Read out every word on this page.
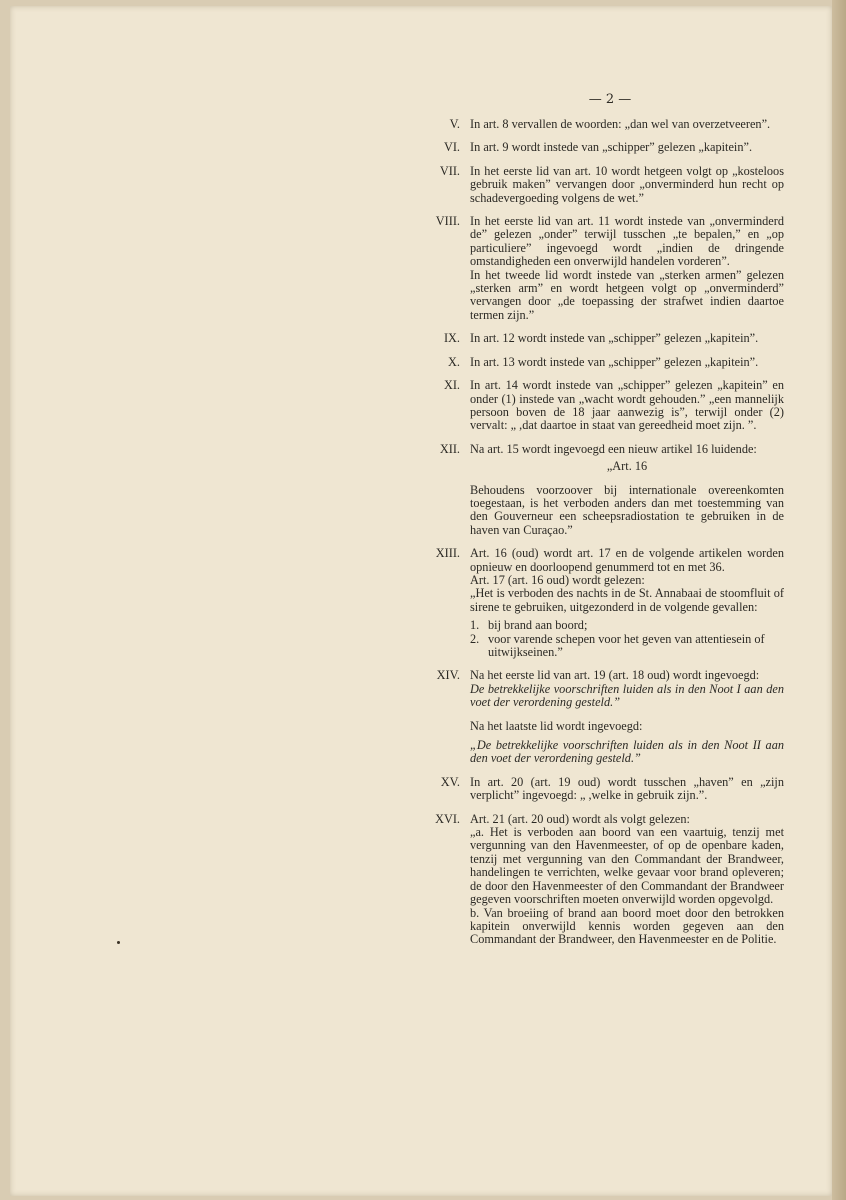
— 2 —
V. In art. 8 vervallen de woorden: „dan wel van overzetveeren”.

VI. In art. 9 wordt instede van „schipper” gelezen „kapitein”.

VII. In het eerste lid van art. 10 wordt hetgeen volgt op „kosteloos gebruik maken” vervangen door „onverminderd hun recht op schadevergoeding volgens de wet.”

VIII. In het eerste lid van art. 11 wordt instede van „onverminderd de” gelezen „onder” terwijl tusschen „te bepalen,” en „op particuliere” ingevoegd wordt „indien de dringende omstandigheden een onverwijld handelen vorderen”.

In het tweede lid wordt instede van „sterken armen” gelezen „sterken arm” en wordt hetgeen volgt op „onverminderd” vervangen door „de toepassing der strafwet indien daartoe termen zijn.”

IX. In art. 12 wordt instede van „schipper” gelezen „kapitein”.

X. In art. 13 wordt instede van „schipper” gelezen „kapitein”.

XI. In art. 14 wordt instede van „schipper” gelezen „kapitein” en onder (1) instede van „wacht wordt gehouden.” „een mannelijk persoon boven de 18 jaar aanwezig is”, terwijl onder (2) vervalt: „ ,dat daartoe in staat van gereedheid moet zijn. ”.

XII. Na art. 15 wordt ingevoegd een nieuw artikel 16 luidende:

„Art. 16

Behoudens voorzoover bij internationale overeenkomten toegestaan, is het verboden anders dan met toestemming van den Gouverneur een scheepsradiostation te gebruiken in de haven van Curaçao.”

XIII. Art. 16 (oud) wordt art. 17 en de volgende artikelen worden opnieuw en doorloopend genummerd tot en met 36.

Art. 17 (art. 16 oud) wordt gelezen:

„Het is verboden des nachts in de St. Annabaai de stoomfluit of sirene te gebruiken, uitgezonderd in de volgende gevallen:

1. bij brand aan boord;
2. voor varende schepen voor het geven van attentiesein of uitwijkseinen.”
XIV. Na het eerste lid van art. 19 (art. 18 oud) wordt ingevoegd:

De betrekkelijke voorschriften luiden als in den Noot I aan den voet der verordening gesteld.”

Na het laatste lid wordt ingevoegd:

„De betrekkelijke voorschriften luiden als in den Noot II aan den voet der verordening gesteld.”

XV. In art. 20 (art. 19 oud) wordt tusschen „haven” en „zijn verplicht” ingevoegd: „ ,welke in gebruik zijn.”.

XVI. Art. 21 (art. 20 oud) wordt als volgt gelezen:

„a. Het is verboden aan boord van een vaartuig, tenzij met vergunning van den Havenmeester, of op de openbare kaden, tenzij met vergunning van den Commandant der Brandweer, handelingen te verrichten, welke gevaar voor brand opleveren; de door den Havenmeester of den Commandant der Brandweer gegeven voorschriften moeten onverwijld worden opgevolgd.

b. Van broeiing of brand aan boord moet door den betrokken kapitein onverwijld kennis worden gegeven aan den Commandant der Brandweer, den Havenmeester en de Politie.
